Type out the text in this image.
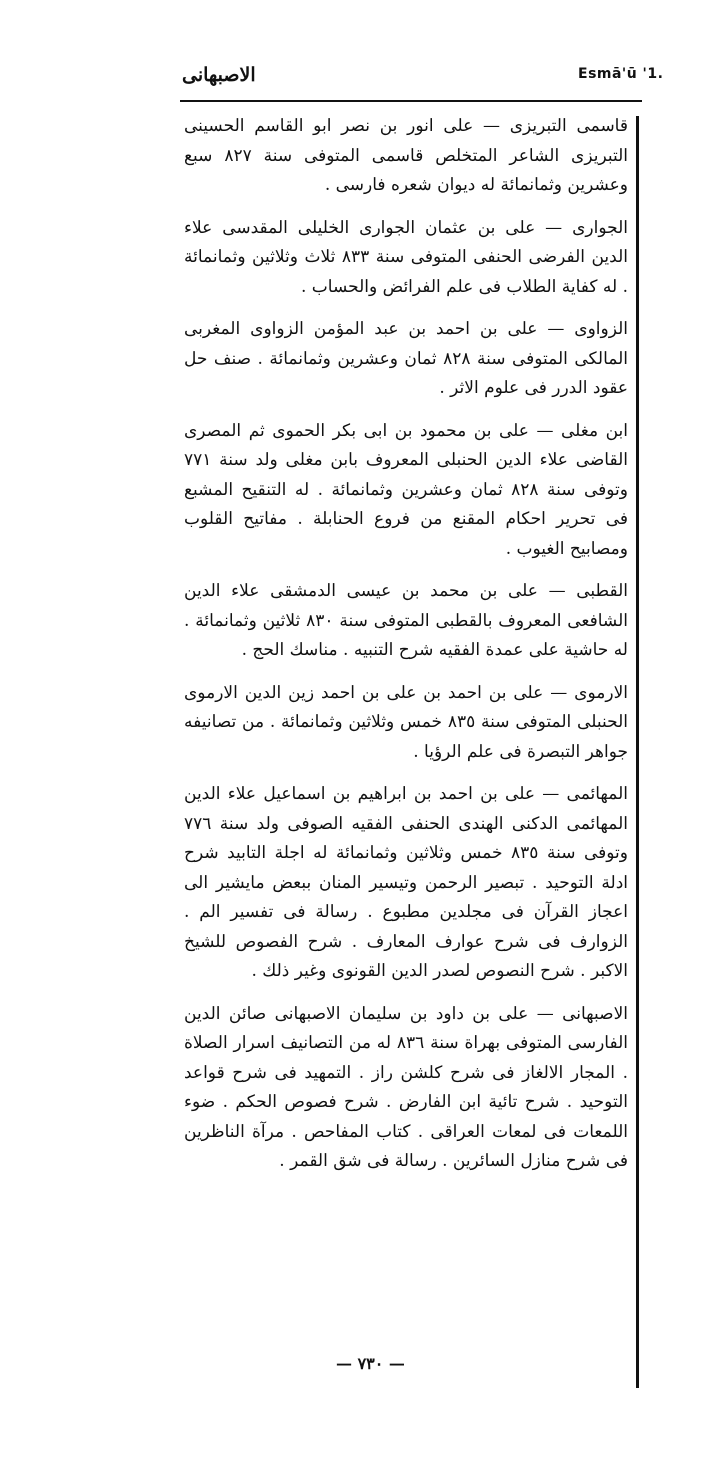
Esmā'ū '1.
الاصبهانى

قاسمى التبريزى — على انور بن نصر ابو القاسم الحسينى التبريزى الشاعر المتخلص قاسمى المتوفى سنة ٨٢٧ سبع وعشرين وثمانمائة له ديوان شعره فارسى .

الجوارى — على بن عثمان الجوارى الخليلى المقدسى علاء الدين الفرضى الحنفى المتوفى سنة ٨٣٣ ثلاث وثلاثين وثمانمائة . له كفاية الطلاب فى علم الفرائض والحساب .

الزواوى — على بن احمد بن عبد المؤمن الزواوى المغربى المالكى المتوفى سنة ٨٢٨ ثمان وعشرين وثمانمائة . صنف حل عقود الدرر فى علوم الاثر .

ابن مغلى — على بن محمود بن ابى بكر الحموى ثم المصرى القاضى علاء الدين الحنبلى المعروف بابن مغلى ولد سنة ٧٧١ وتوفى سنة ٨٢٨ ثمان وعشرين وثمانمائة . له التنقيح المشبع فى تحرير احكام المقنع من فروع الحنابلة . مفاتيح القلوب ومصابيح الغيوب .

القطبى — على بن محمد بن عيسى الدمشقى علاء الدين الشافعى المعروف بالقطبى المتوفى سنة ٨٣٠ ثلاثين وثمانمائة . له حاشية على عمدة الفقيه شرح التنبيه . مناسك الحج .

الارموى — على بن احمد بن على بن احمد زين الدين الارموى الحنبلى المتوفى سنة ٨٣٥ خمس وثلاثين وثمانمائة . من تصانيفه جواهر التبصرة فى علم الرؤيا .

المهائمى — على بن احمد بن ابراهيم بن اسماعيل علاء الدين المهائمى الدكنى الهندى الحنفى الفقيه الصوفى ولد سنة ٧٧٦ وتوفى سنة ٨٣٥ خمس وثلاثين وثمانمائة له اجلة التابيد شرح ادلة التوحيد . تبصير الرحمن وتيسير المنان ببعض مايشير الى اعجاز القرآن فى مجلدين مطبوع . رسالة فى تفسير الم . الزوارف فى شرح عوارف المعارف . شرح الفصوص للشيخ الاكبر . شرح النصوص لصدر الدين القونوى وغير ذلك .

الاصبهانى — على بن داود بن سليمان الاصبهانى صائن الدين الفارسى المتوفى بهراة سنة ٨٣٦ له من التصانيف اسرار الصلاة . المجار الالغاز فى شرح كلشن راز . التمهيد فى شرح قواعد التوحيد . شرح تائية ابن الفارض . شرح فصوص الحكم . ضوء اللمعات فى لمعات العراقى . كتاب المفاحص . مرآة الناظرين فى شرح منازل السائرين . رسالة فى شق القمر .

— ٧٣٠ —
